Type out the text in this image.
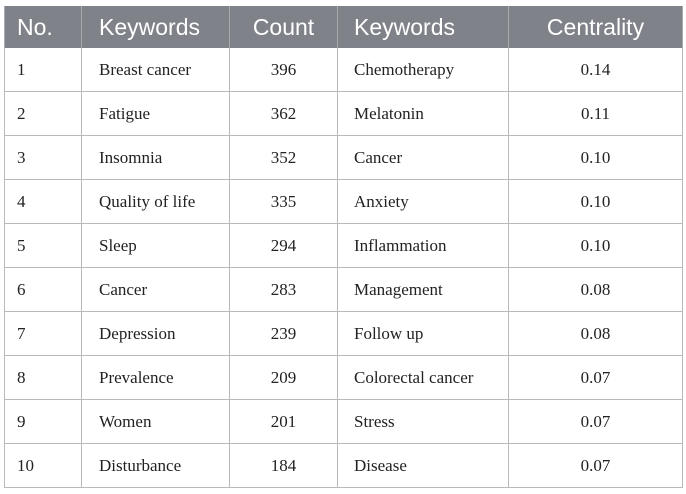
No.	Keywords	Count	Keywords	Centrality
1	Breast cancer	396	Chemotherapy	0.14
2	Fatigue	362	Melatonin	0.11
3	Insomnia	352	Cancer	0.10
4	Quality of life	335	Anxiety	0.10
5	Sleep	294	Inflammation	0.10
6	Cancer	283	Management	0.08
7	Depression	239	Follow up	0.08
8	Prevalence	209	Colorectal cancer	0.07
9	Women	201	Stress	0.07
10	Disturbance	184	Disease	0.07
